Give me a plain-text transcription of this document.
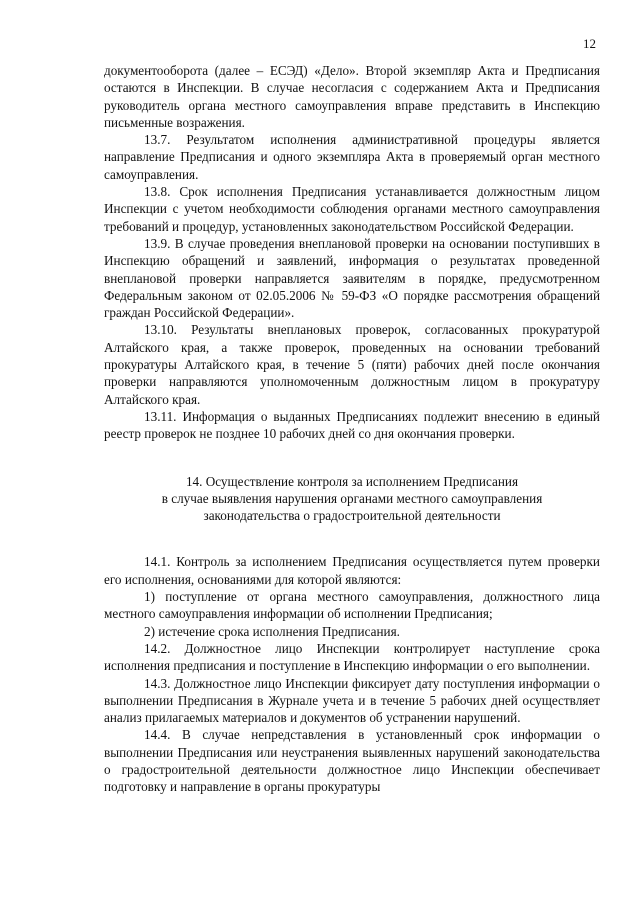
12

документооборота (далее – ЕСЭД) «Дело». Второй экземпляр Акта и Предписания остаются в Инспекции. В случае несогласия с содержанием Акта и Предписания руководитель органа местного самоуправления вправе представить в Инспекцию письменные возражения.

13.7. Результатом исполнения административной процедуры является направление Предписания и одного экземпляра Акта в проверяемый орган местного самоуправления.

13.8. Срок исполнения Предписания устанавливается должностным лицом Инспекции с учетом необходимости соблюдения органами местного самоуправления требований и процедур, установленных законодательством Российской Федерации.

13.9. В случае проведения внеплановой проверки на основании поступивших в Инспекцию обращений и заявлений, информация о результатах проведенной внеплановой проверки направляется заявителям в порядке, предусмотренном Федеральным законом от 02.05.2006 № 59-ФЗ «О порядке рассмотрения обращений граждан Российской Федерации».

13.10. Результаты внеплановых проверок, согласованных прокуратурой Алтайского края, а также проверок, проведенных на основании требований прокуратуры Алтайского края, в течение 5 (пяти) рабочих дней после окончания проверки направляются уполномоченным должностным лицом в прокуратуру Алтайского края.

13.11. Информация о выданных Предписаниях подлежит внесению в единый реестр проверок не позднее 10 рабочих дней со дня окончания проверки.

14. Осуществление контроля за исполнением Предписания
в случае выявления нарушения органами местного самоуправления
законодательства о градостроительной деятельности

14.1. Контроль за исполнением Предписания осуществляется путем проверки его исполнения, основаниями для которой являются:

1) поступление от органа местного самоуправления, должностного лица местного самоуправления информации об исполнении Предписания;

2) истечение срока исполнения Предписания.

14.2. Должностное лицо Инспекции контролирует наступление срока исполнения предписания и поступление в Инспекцию информации о его выполнении.

14.3. Должностное лицо Инспекции фиксирует дату поступления информации о выполнении Предписания в Журнале учета и в течение 5 рабочих дней осуществляет анализ прилагаемых материалов и документов об устранении нарушений.

14.4. В случае непредставления в установленный срок информации о выполнении Предписания или неустранения выявленных нарушений законодательства о градостроительной деятельности должностное лицо Инспекции обеспечивает подготовку и направление в органы прокуратуры
